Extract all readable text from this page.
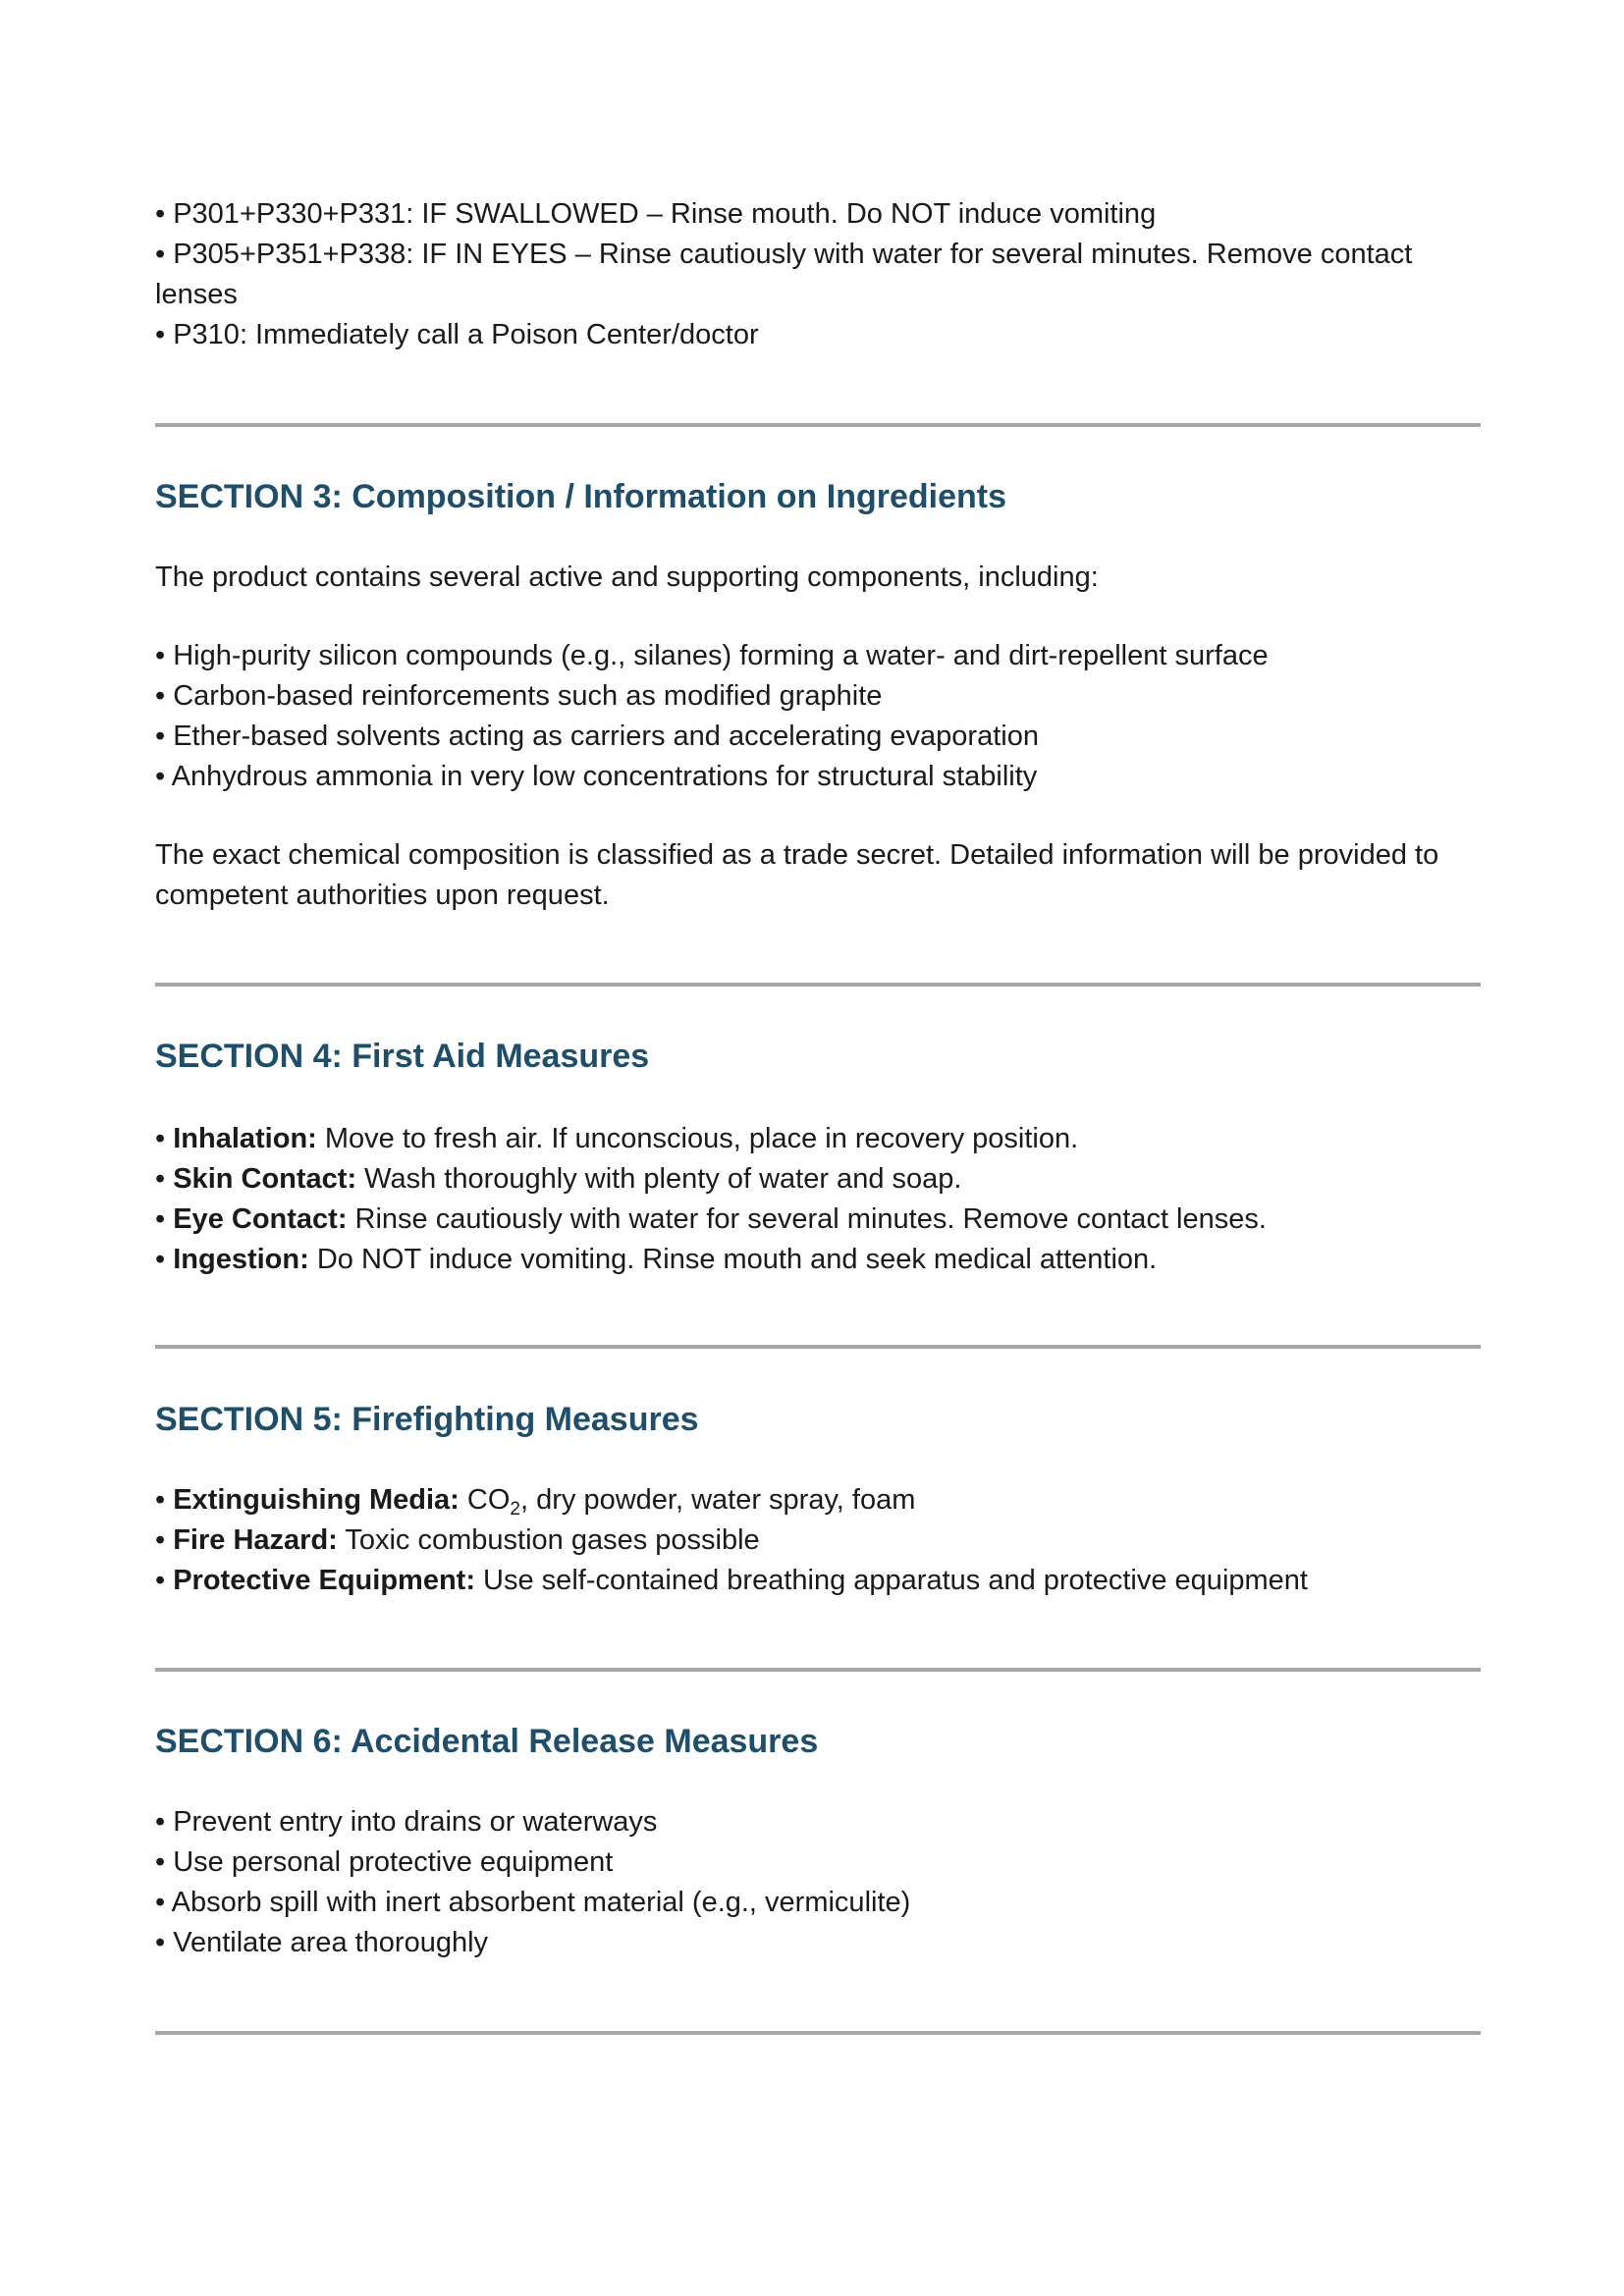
• P301+P330+P331: IF SWALLOWED – Rinse mouth. Do NOT induce vomiting

• P305+P351+P338: IF IN EYES – Rinse cautiously with water for several minutes. Remove contact lenses

• P310: Immediately call a Poison Center/doctor

SECTION 3: Composition / Information on Ingredients

The product contains several active and supporting components, including:

• High-purity silicon compounds (e.g., silanes) forming a water- and dirt-repellent surface

• Carbon-based reinforcements such as modified graphite

• Ether-based solvents acting as carriers and accelerating evaporation

• Anhydrous ammonia in very low concentrations for structural stability

The exact chemical composition is classified as a trade secret. Detailed information will be provided to competent authorities upon request.

SECTION 4: First Aid Measures

• Inhalation: Move to fresh air. If unconscious, place in recovery position.

• Skin Contact: Wash thoroughly with plenty of water and soap.

• Eye Contact: Rinse cautiously with water for several minutes. Remove contact lenses.

• Ingestion: Do NOT induce vomiting. Rinse mouth and seek medical attention.

SECTION 5: Firefighting Measures

• Extinguishing Media: $CO_2$, dry powder, water spray, foam

• Fire Hazard: Toxic combustion gases possible

• Protective Equipment: Use self-contained breathing apparatus and protective equipment

SECTION 6: Accidental Release Measures

• Prevent entry into drains or waterways

• Use personal protective equipment

• Absorb spill with inert absorbent material (e.g., vermiculite)

• Ventilate area thoroughly
